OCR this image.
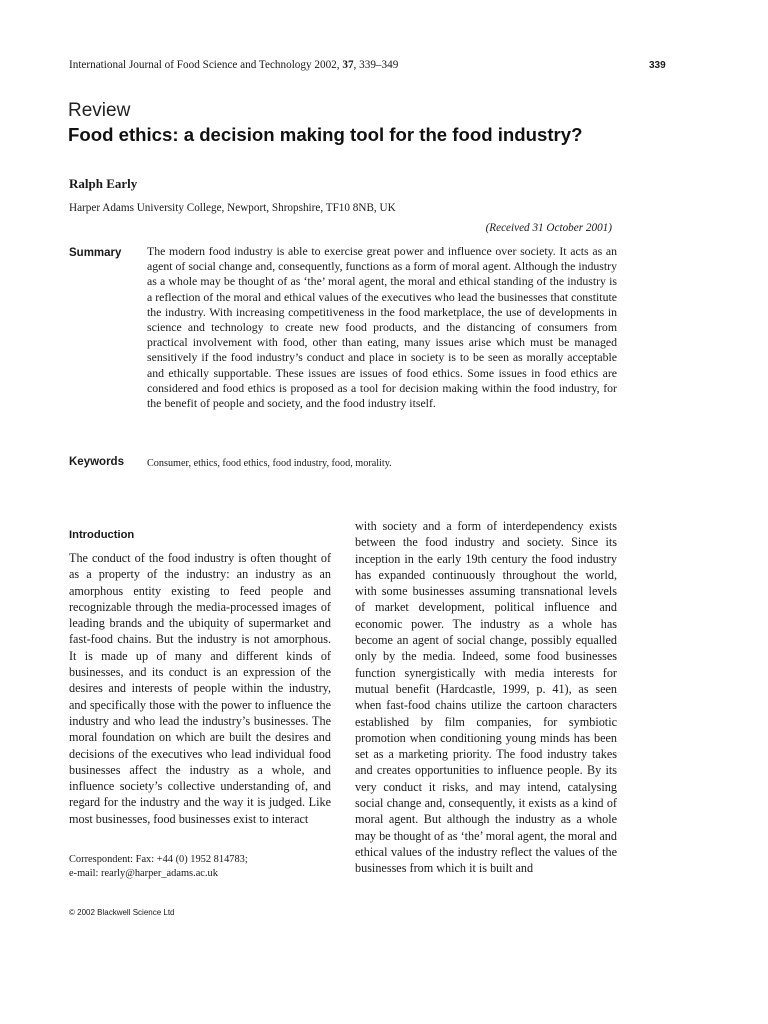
International Journal of Food Science and Technology 2002, 37, 339–349	339
Review
Food ethics: a decision making tool for the food industry?
Ralph Early
Harper Adams University College, Newport, Shropshire, TF10 8NB, UK
(Received 31 October 2001)
Summary The modern food industry is able to exercise great power and influence over society. It acts as an agent of social change and, consequently, functions as a form of moral agent. Although the industry as a whole may be thought of as ‘the’ moral agent, the moral and ethical standing of the industry is a reflection of the moral and ethical values of the executives who lead the businesses that constitute the industry. With increasing competitiveness in the food marketplace, the use of developments in science and technology to create new food products, and the distancing of consumers from practical involvement with food, other than eating, many issues arise which must be managed sensitively if the food industry’s conduct and place in society is to be seen as morally acceptable and ethically supportable. These issues are issues of food ethics. Some issues in food ethics are considered and food ethics is proposed as a tool for decision making within the food industry, for the benefit of people and society, and the food industry itself.
Keywords Consumer, ethics, food ethics, food industry, food, morality.
Introduction

The conduct of the food industry is often thought of as a property of the industry: an industry as an amorphous entity existing to feed people and recognizable through the media-processed images of leading brands and the ubiquity of supermarket and fast-food chains. But the industry is not amorphous. It is made up of many and different kinds of businesses, and its conduct is an expression of the desires and interests of people within the industry, and specifically those with the power to influence the industry and who lead the industry’s businesses. The moral foundation on which are built the desires and decisions of the executives who lead individual food businesses affect the industry as a whole, and influence society’s collective understanding of, and regard for the industry and the way it is judged. Like most businesses, food businesses exist to interact

with society and a form of interdependency exists between the food industry and society. Since its inception in the early 19th century the food industry has expanded continuously throughout the world, with some businesses assuming transnational levels of market development, political influence and economic power. The industry as a whole has become an agent of social change, possibly equalled only by the media. Indeed, some food businesses function synergistically with media interests for mutual benefit (Hardcastle, 1999, p. 41), as seen when fast-food chains utilize the cartoon characters established by film companies, for symbiotic promotion when conditioning young minds has been set as a marketing priority. The food industry takes and creates opportunities to influence people. By its very conduct it risks, and may intend, catalysing social change and, consequently, it exists as a kind of moral agent. But although the industry as a whole may be thought of as ‘the’ moral agent, the moral and ethical values of the industry reflect the values of the businesses from which it is built and

Correspondent: Fax: +44 (0) 1952 814783;
e-mail: rearly@harper_adams.ac.uk
© 2002 Blackwell Science Ltd
